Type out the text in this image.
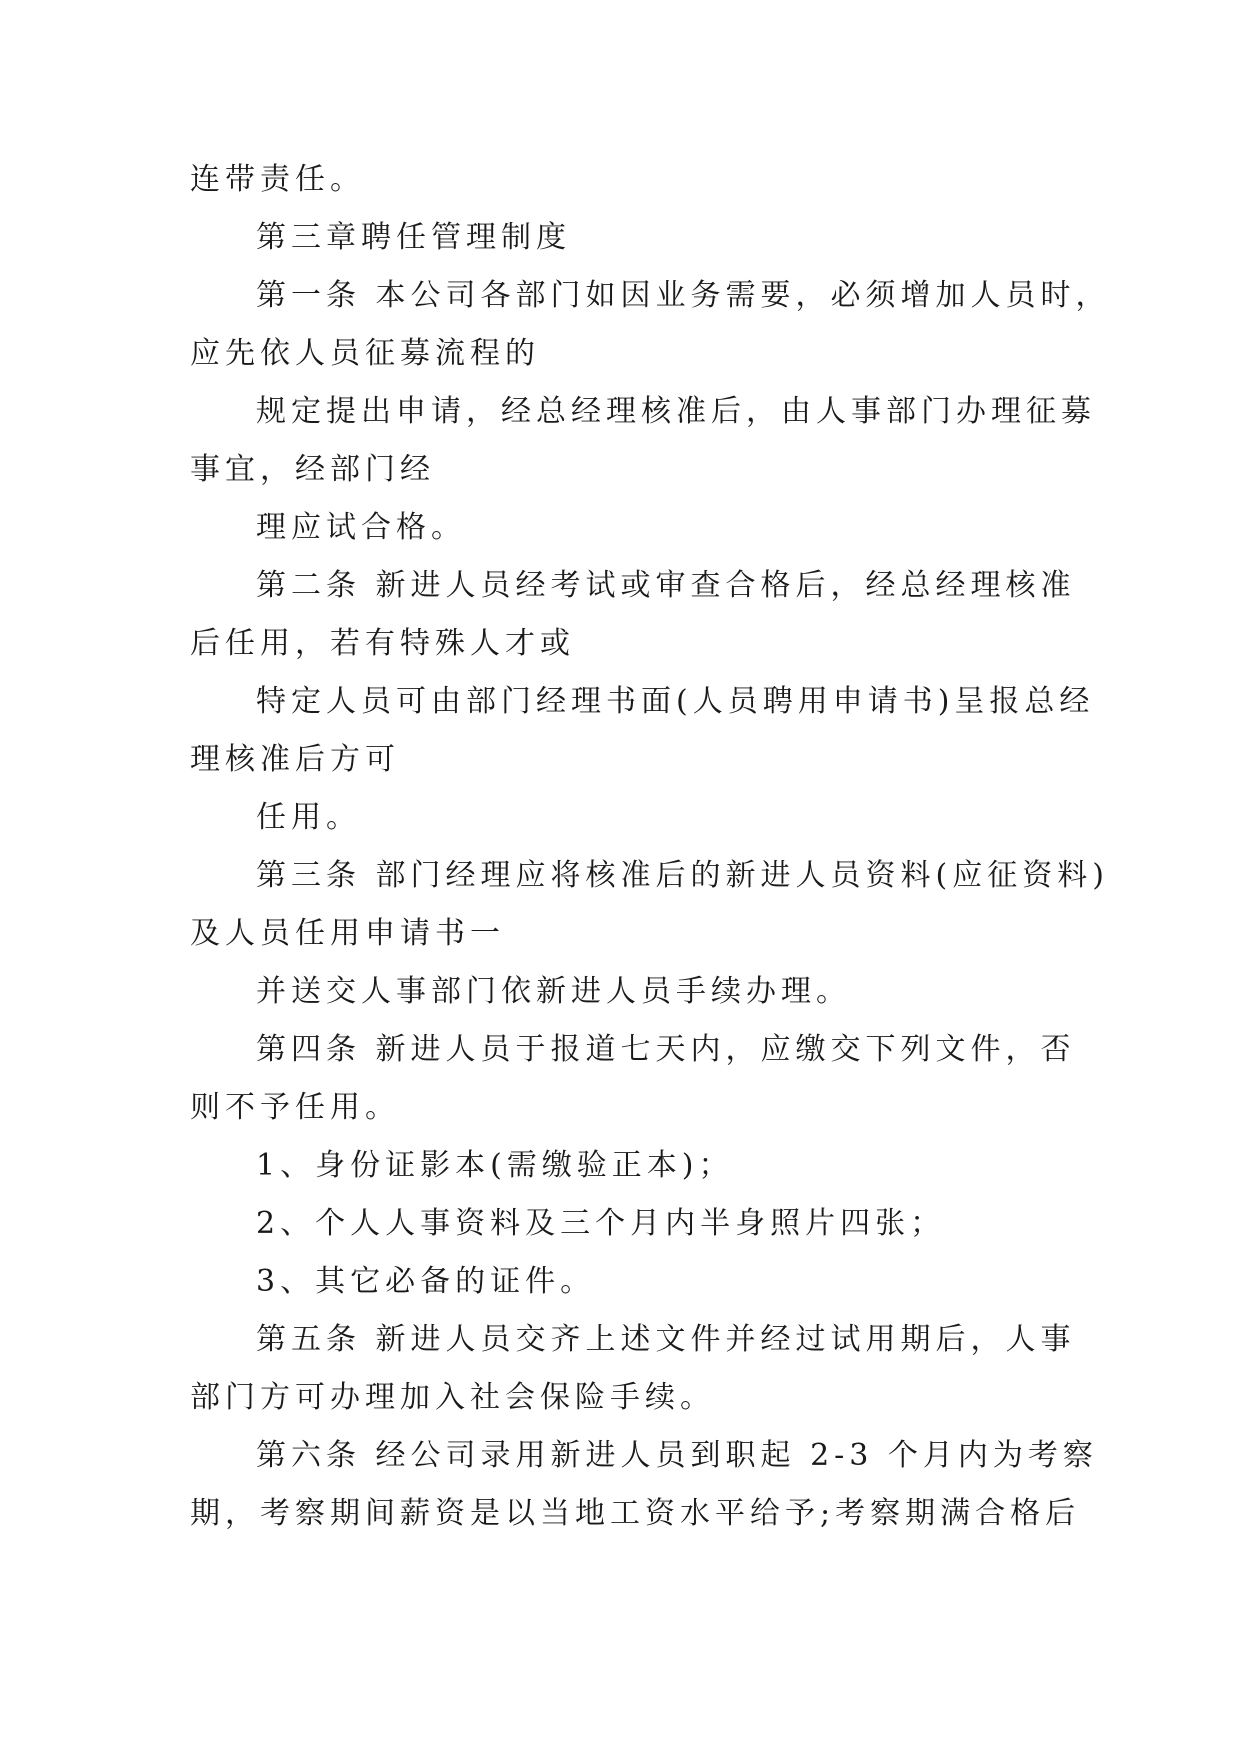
连带责任。
第三章聘任管理制度
第一条 本公司各部门如因业务需要，必须增加人员时，
应先依人员征募流程的
规定提出申请，经总经理核准后，由人事部门办理征募
事宜，经部门经
理应试合格。
第二条 新进人员经考试或审查合格后，经总经理核准
后任用，若有特殊人才或
特定人员可由部门经理书面(人员聘用申请书)呈报总经
理核准后方可
任用。
第三条 部门经理应将核准后的新进人员资料(应征资料)
及人员任用申请书一
并送交人事部门依新进人员手续办理。
第四条 新进人员于报道七天内，应缴交下列文件，否
则不予任用。
1、身份证影本(需缴验正本)；
2、个人人事资料及三个月内半身照片四张；
3、其它必备的证件。
第五条 新进人员交齐上述文件并经过试用期后，人事
部门方可办理加入社会保险手续。
第六条 经公司录用新进人员到职起 2-3 个月内为考察
期，考察期间薪资是以当地工资水平给予;考察期满合格后
